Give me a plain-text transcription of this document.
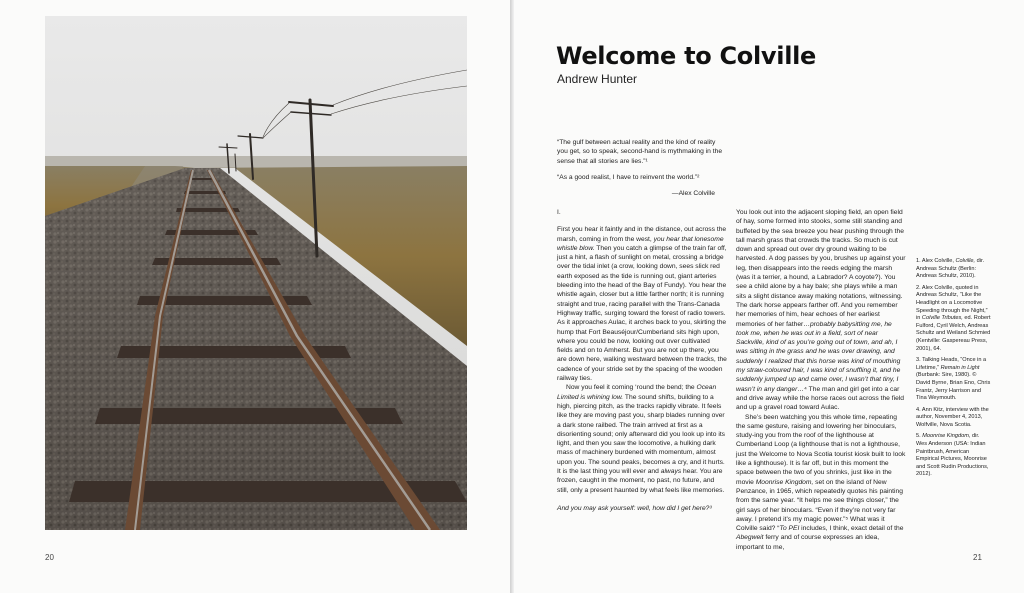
20
Welcome to Colville
Andrew Hunter

“The gulf between actual reality and the kind of reality you get, so to speak, second-hand is mythmaking in the sense that all stories are lies.”¹

“As a good realist, I have to reinvent the world.”²

—Alex Colville

I.

First you hear it faintly and in the distance, out across the marsh, coming in from the west, you hear that lonesome whistle blow. Then you catch a glimpse of the train far off, just a hint, a flash of sunlight on metal, crossing a bridge over the tidal inlet (a crow, looking down, sees slick red earth exposed as the tide is running out, giant arteries bleeding into the head of the Bay of Fundy). You hear the whistle again, closer but a little farther north; it is running straight and true, racing parallel with the Trans-Canada Highway traffic, surging toward the forest of radio towers. As it approaches Aulac, it arches back to you, skirting the hump that Fort Beauséjour/Cumberland sits high upon, where you could be now, looking out over cultivated fields and on to Amherst. But you are not up there, you are down here, walking westward between the tracks, the cadence of your stride set by the spacing of the wooden railway ties.

Now you feel it coming ‘round the bend; the Ocean Limited is whining low. The sound shifts, building to a high, piercing pitch, as the tracks rapidly vibrate. It feels like they are moving past you, sharp blades running over a dark stone railbed. The train arrived at first as a disorienting sound; only afterward did you look up into its light, and then you saw the locomotive, a hulking dark mass of machinery burdened with momentum, almost upon you. The sound peaks, becomes a cry, and it hurts. It is the last thing you will ever and always hear. You are frozen, caught in the moment, no past, no future, and still, only a present haunted by what feels like memories.

And you may ask yourself: well, how did I get here?³

You look out into the adjacent sloping field, an open field of hay, some formed into stooks, some still standing and buffeted by the sea breeze you hear pushing through the tall marsh grass that crowds the tracks. So much is cut down and spread out over dry ground waiting to be harvested. A dog passes by you, brushes up against your leg, then disappears into the reeds edging the marsh (was it a terrier, a hound, a Labrador? A coyote?). You see a child alone by a hay bale; she plays while a man sits a slight distance away making notations, witnessing. The dark horse appears farther off. And you remember her memories of him, hear echoes of her earliest memories of her father…probably babysitting me, he took me, when he was out in a field, sort of near Sackville, kind of as you’re going out of town, and ah, I was sitting in the grass and he was over drawing, and suddenly I realized that this horse was kind of mouthing my straw-coloured hair, I was kind of snuffling it, and he suddenly jumped up and came over, I wasn’t that tiny, I wasn’t in any danger…⁴ The man and girl get into a car and drive away while the horse races out across the field and up a gravel road toward Aulac.

She’s been watching you this whole time, repeating the same gesture, raising and lowering her binoculars, study-ing you from the roof of the lighthouse at Cumberland Loop (a lighthouse that is not a lighthouse, just the Welcome to Nova Scotia tourist kiosk built to look like a lighthouse). It is far off, but in this moment the space between the two of you shrinks, just like in the movie Moonrise Kingdom, set on the island of New Penzance, in 1965, which repeatedly quotes his painting from the same year. “It helps me see things closer,” the girl says of her binoculars. “Even if they’re not very far away. I pretend it’s my magic power.”⁵ What was it Colville said? “To PEI includes, I think, exact detail of the Abegweit ferry and of course expresses an idea, important to me,

1. Alex Colville, Colville, dir. Andreas Schultz (Berlin: Andreas Schultz, 2010).

2. Alex Colville, quoted in Andreas Schultz, “Like the Headlight on a Locomotive Speeding through the Night,” in Colville Tributes, ed. Robert Fulford, Cyril Welch, Andreas Schultz and Weiland Schmied (Kentville: Gaspereau Press, 2001), 64.

3. Talking Heads, “Once in a Lifetime,” Remain in Light (Burbank: Sire, 1980). © David Byrne, Brian Eno, Chris Frantz, Jerry Harrison and Tina Weymouth.

4. Ann Kitz, interview with the author, November 4, 2013, Wolfville, Nova Scotia.

5. Moonrise Kingdom, dir. Wes Anderson (USA: Indian Paintbrush, American Empirical Pictures, Moonrise and Scott Rudin Productions, 2012).

21
